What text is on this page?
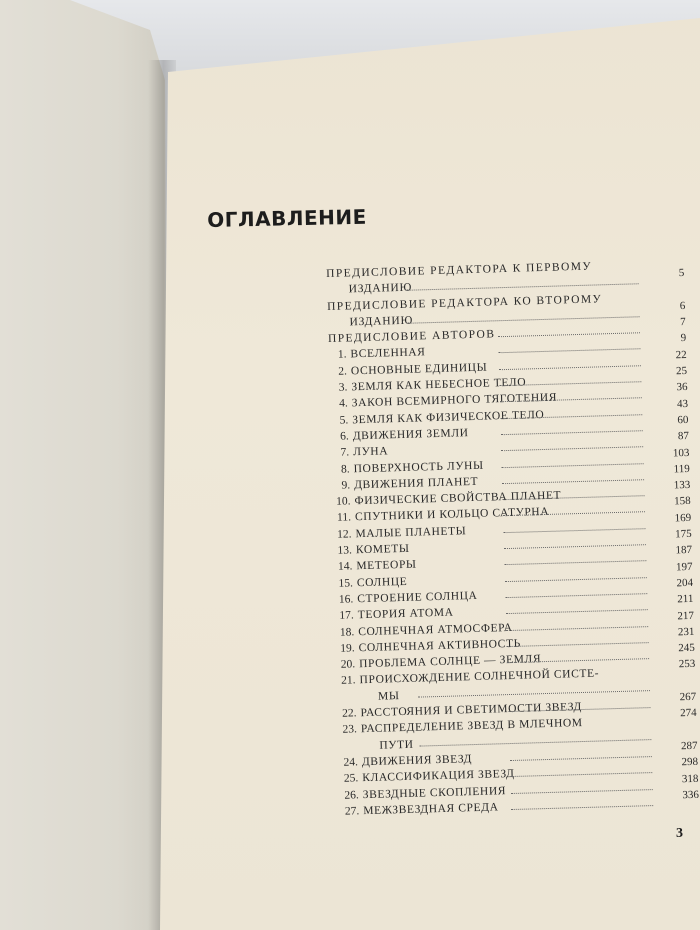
ОГЛАВЛЕНИЕ
ПРЕДИСЛОВИЕ РЕДАКТОРА К ПЕРВОМУ
ИЗДАНИЮ
5
ПРЕДИСЛОВИЕ РЕДАКТОРА КО ВТОРОМУ
ИЗДАНИЮ
6
ПРЕДИСЛОВИЕ АВТОРОВ
7
1. ВСЕЛЕННАЯ
9
2. ОСНОВНЫЕ ЕДИНИЦЫ
22
3. ЗЕМЛЯ КАК НЕБЕСНОЕ ТЕЛО
25
4. ЗАКОН ВСЕМИРНОГО ТЯГОТЕНИЯ
36
5. ЗЕМЛЯ КАК ФИЗИЧЕСКОЕ ТЕЛО
43
6. ДВИЖЕНИЯ ЗЕМЛИ
60
7. ЛУНА
87
8. ПОВЕРХНОСТЬ ЛУНЫ
103
9. ДВИЖЕНИЯ ПЛАНЕТ
119
10. ФИЗИЧЕСКИЕ СВОЙСТВА ПЛАНЕТ
133
11. СПУТНИКИ И КОЛЬЦО САТУРНА
158
12. МАЛЫЕ ПЛАНЕТЫ
169
13. КОМЕТЫ
175
14. МЕТЕОРЫ
187
15. СОЛНЦЕ
197
16. СТРОЕНИЕ СОЛНЦА
204
17. ТЕОРИЯ АТОМА
211
18. СОЛНЕЧНАЯ АТМОСФЕРА
217
19. СОЛНЕЧНАЯ АКТИВНОСТЬ
231
20. ПРОБЛЕМА СОЛНЦЕ — ЗЕМЛЯ
245
21. ПРОИСХОЖДЕНИЕ СОЛНЕЧНОЙ СИСТЕ-
МЫ
253
22. РАССТОЯНИЯ И СВЕТИМОСТИ ЗВЕЗД
267
23. РАСПРЕДЕЛЕНИЕ ЗВЕЗД В МЛЕЧНОМ
ПУТИ
274
24. ДВИЖЕНИЯ ЗВЕЗД
287
25. КЛАССИФИКАЦИЯ ЗВЕЗД
298
26. ЗВЕЗДНЫЕ СКОПЛЕНИЯ
318
27. МЕЖЗВЕЗДНАЯ СРЕДА
336
3
